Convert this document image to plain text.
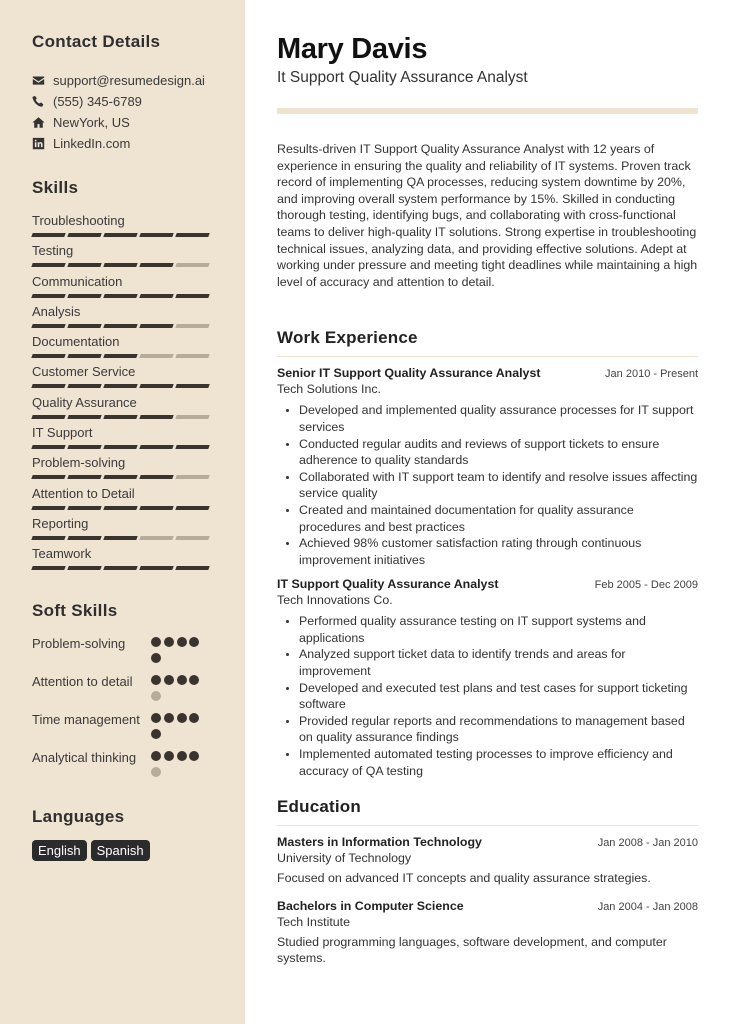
Contact Details
support@resumedesign.ai
(555) 345-6789
NewYork, US
LinkedIn.com
Skills
Troubleshooting
Testing
Communication
Analysis
Documentation
Customer Service
Quality Assurance
IT Support
Problem-solving
Attention to Detail
Reporting
Teamwork
Soft Skills
Problem-solving
Attention to detail
Time management
Analytical thinking
Languages
English	Spanish
Mary Davis
It Support Quality Assurance Analyst

Results-driven IT Support Quality Assurance Analyst with 12 years of experience in ensuring the quality and reliability of IT systems. Proven track record of implementing QA processes, reducing system downtime by 20%, and improving overall system performance by 15%. Skilled in conducting thorough testing, identifying bugs, and collaborating with cross-functional teams to deliver high-quality IT solutions. Strong expertise in troubleshooting technical issues, analyzing data, and providing effective solutions. Adept at working under pressure and meeting tight deadlines while maintaining a high level of accuracy and attention to detail.

Work Experience
Senior IT Support Quality Assurance Analyst	Jan 2010 - Present
Tech Solutions Inc.
• Developed and implemented quality assurance processes for IT support services
• Conducted regular audits and reviews of support tickets to ensure adherence to quality standards
• Collaborated with IT support team to identify and resolve issues affecting service quality
• Created and maintained documentation for quality assurance procedures and best practices
• Achieved 98% customer satisfaction rating through continuous improvement initiatives
IT Support Quality Assurance Analyst	Feb 2005 - Dec 2009
Tech Innovations Co.
• Performed quality assurance testing on IT support systems and applications
• Analyzed support ticket data to identify trends and areas for improvement
• Developed and executed test plans and test cases for support ticketing software
• Provided regular reports and recommendations to management based on quality assurance findings
• Implemented automated testing processes to improve efficiency and accuracy of QA testing
Education
Masters in Information Technology	Jan 2008 - Jan 2010
University of Technology
Focused on advanced IT concepts and quality assurance strategies.
Bachelors in Computer Science	Jan 2004 - Jan 2008
Tech Institute
Studied programming languages, software development, and computer systems.
